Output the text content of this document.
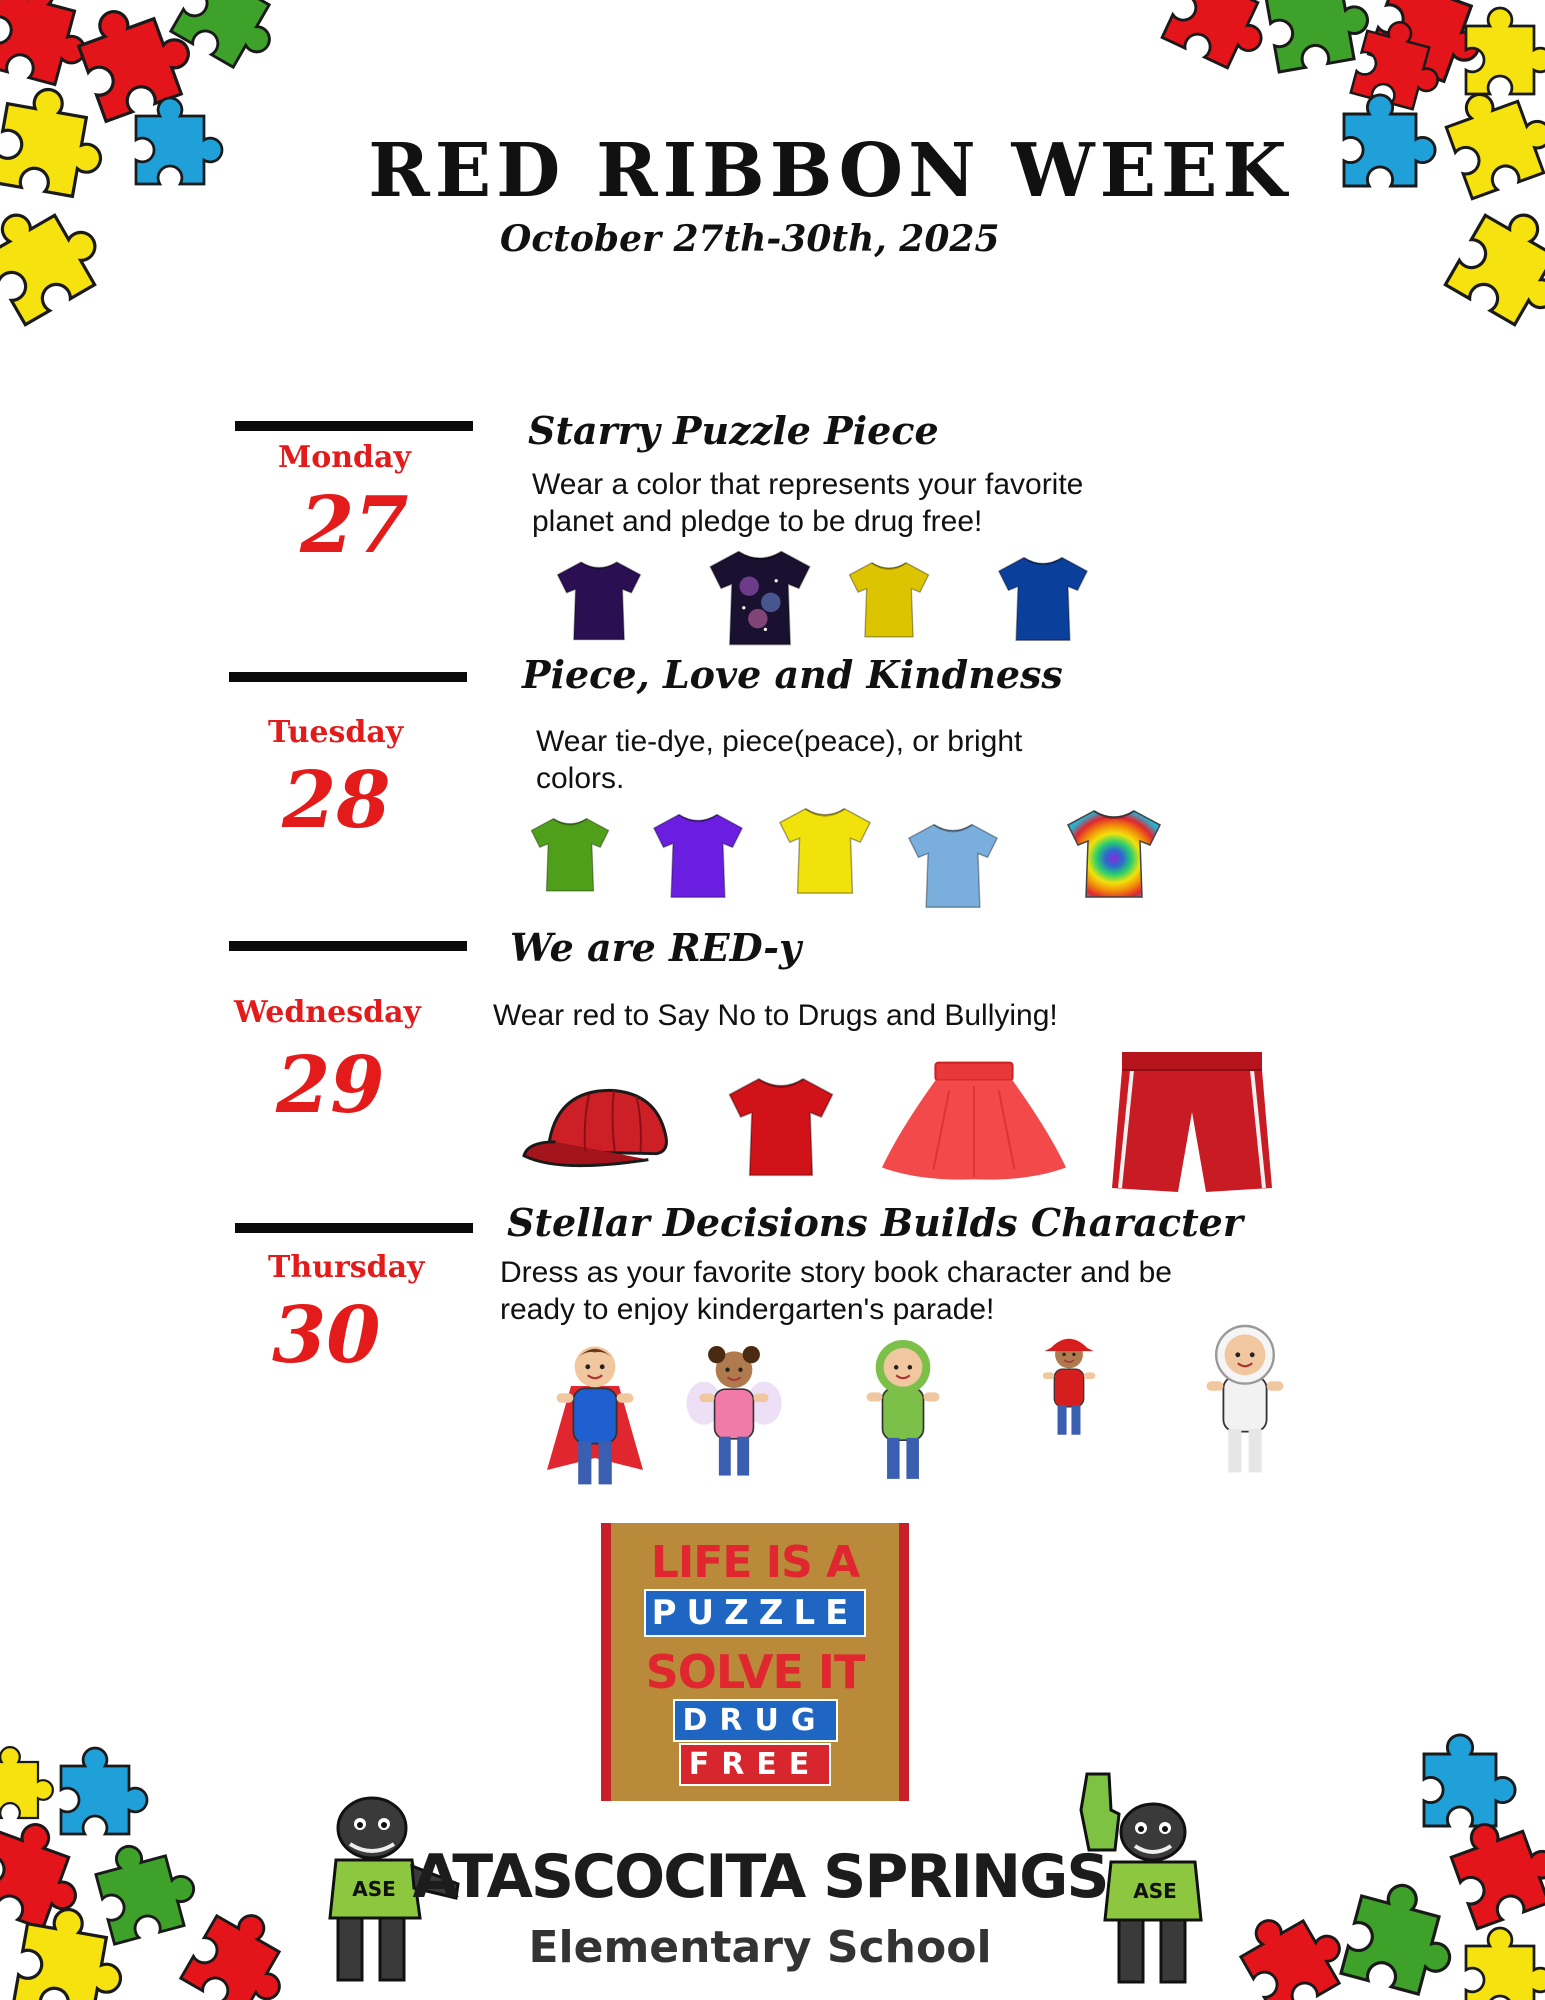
RED RIBBON WEEK
October 27th-30th, 2025
Monday
27
Starry Puzzle Piece
Wear a color that represents your favorite
planet and pledge to be drug free!
Tuesday
28
Piece, Love and Kindness
Wear tie-dye, piece(peace), or bright
colors.
Wednesday
29
We are RED-y
Wear red to Say No to Drugs and Bullying!
Thursday
30
Stellar Decisions Builds Character
Dress as your favorite story book character and be
ready to enjoy kindergarten's parade!
LIFE IS A
PUZZLE
SOLVE IT
DRUG
FREE
ASE	ASE
ATASCOCITA SPRINGS
Elementary School
